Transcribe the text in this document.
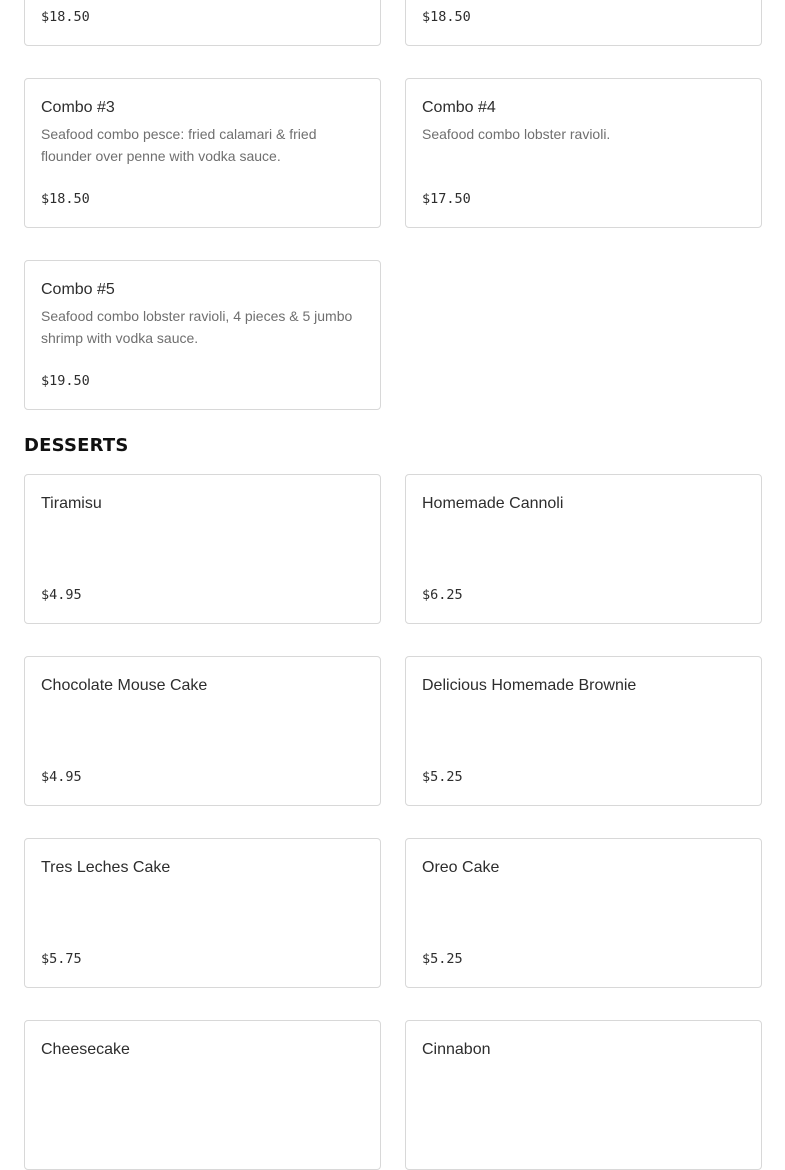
$18.50	$18.50
Combo #3
Seafood combo pesce: fried calamari & fried flounder over penne with vodka sauce.
$18.50
Combo #4
Seafood combo lobster ravioli.
$17.50
Combo #5
Seafood combo lobster ravioli, 4 pieces & 5 jumbo shrimp with vodka sauce.
$19.50
DESSERTS
Tiramisu
$4.95
Homemade Cannoli
$6.25
Chocolate Mouse Cake
$4.95
Delicious Homemade Brownie
$5.25
Tres Leches Cake
$5.75
Oreo Cake
$5.25
Cheesecake	Cinnabon
